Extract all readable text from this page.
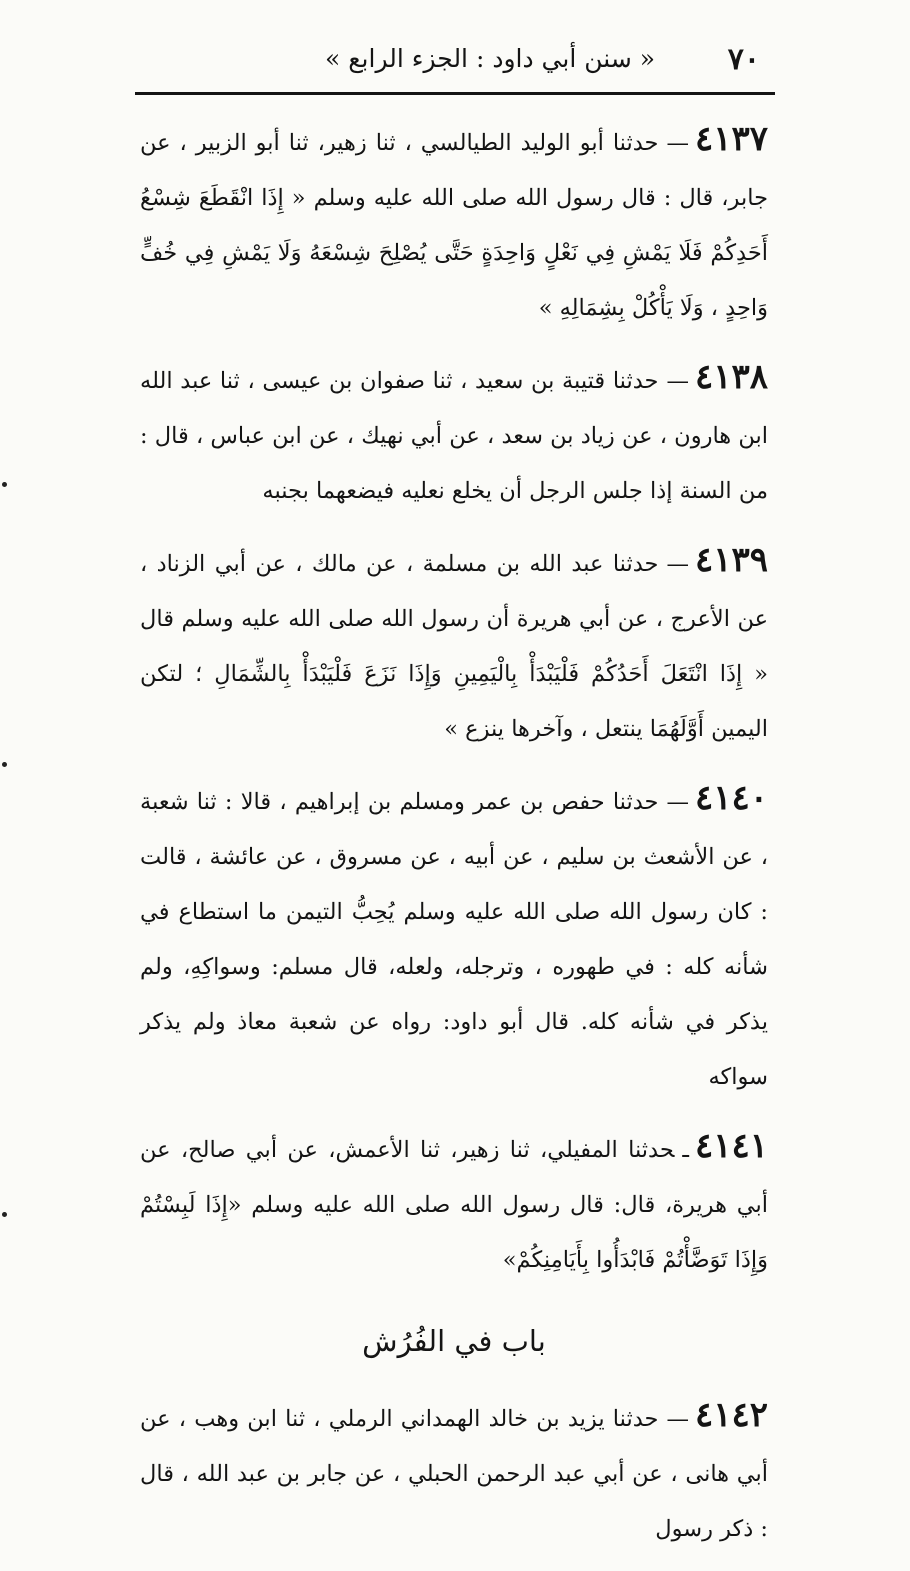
٧٠
« سنن أبي داود : الجزء الرابع »

٤١٣٧—حدثنا أبو الوليد الطيالسي ، ثنا زهير، ثنا أبو الزبير ، عن جابر، قال : قال رسول الله صلى الله عليه وسلم « إِذَا انْقَطَعَ شِسْعُ أَحَدِكُمْ فَلَا يَمْشِ فِي نَعْلٍ وَاحِدَةٍ حَتَّى يُصْلِحَ شِسْعَهُ وَلَا يَمْشِ فِي خُفٍّ وَاحِدٍ ، وَلَا يَأْكُلْ بِشِمَالِهِ »

٤١٣٨—حدثنا قتيبة بن سعيد ، ثنا صفوان بن عيسى ، ثنا عبد الله ابن هارون ، عن زياد بن سعد ، عن أبي نهيك ، عن ابن عباس ، قال : من السنة إذا جلس الرجل أن يخلع نعليه فيضعهما بجنبه

٤١٣٩—حدثنا عبد الله بن مسلمة ، عن مالك ، عن أبي الزناد ، عن الأعرج ، عن أبي هريرة أن رسول الله صلى الله عليه وسلم قال « إِذَا انْتَعَلَ أَحَدُكُمْ فَلْيَبْدَأْ بِالْيَمِينِ وَإِذَا نَزَعَ فَلْيَبْدَأْ بِالشِّمَالِ ؛ لتكن اليمين أَوَّلَهُمَا ينتعل ، وآخرها ينزع »

٤١٤٠—حدثنا حفص بن عمر ومسلم بن إبراهيم ، قالا : ثنا شعبة ، عن الأشعث بن سليم ، عن أبيه ، عن مسروق ، عن عائشة ، قالت : كان رسول الله صلى الله عليه وسلم يُحِبُّ التيمن ما استطاع في شأنه كله : في طهوره ، وترجله، ولعله، قال مسلم: وسواكِهِ، ولم يذكر في شأنه كله. قال أبو داود: رواه عن شعبة معاذ ولم يذكر سواكه

٤١٤١ـحدثنا المفيلي، ثنا زهير، ثنا الأعمش، عن أبي صالح، عن أبي هريرة، قال: قال رسول الله صلى الله عليه وسلم «إِذَا لَبِسْتُمْ وَإِذَا تَوَضَّأْتُمْ فَابْدَأُوا بِأَيَامِنِكُمْ»

باب في الفُرُش

٤١٤٢—حدثنا يزيد بن خالد الهمداني الرملي ، ثنا ابن وهب ، عن أبي هانى ، عن أبي عبد الرحمن الحبلي ، عن جابر بن عبد الله ، قال : ذكر رسول
